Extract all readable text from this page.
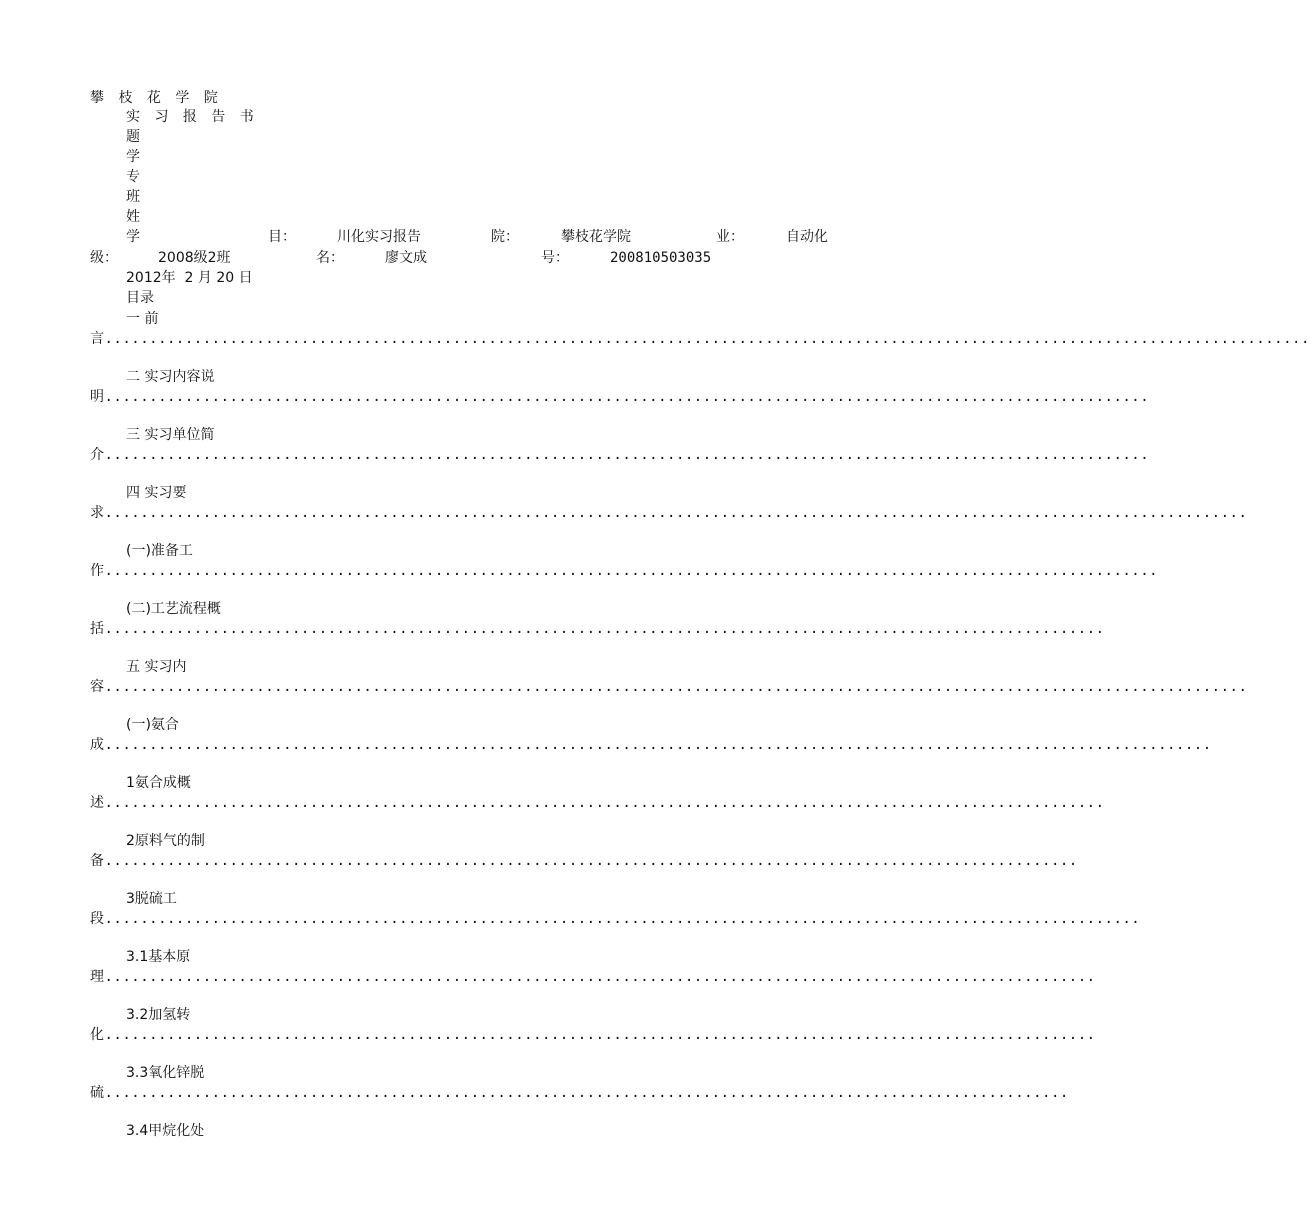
攀 枝 花 学 院
实 习 报 告 书
题
学
专
班
姓
学	目：	川化实习报告	院：	攀枝花学院	业：	自动化
级：	2008级2班	名：	廖文成	号：	200810503035
2012年  2 月 20 日
目录
一 前
言.......................................................................................................................................
二 实习内容说
明.....................................................................................................................
三 实习单位简
介.....................................................................................................................
四 实习要
求................................................................................................................................
(一)准备工
作......................................................................................................................
(二)工艺流程概
括................................................................................................................
五 实习内
容................................................................................................................................
(一)氨合
成............................................................................................................................
1氨合成概
述................................................................................................................
2原料气的制
备.............................................................................................................
3脱硫工
段....................................................................................................................
3.1基本原
理...............................................................................................................
3.2加氢转
化...............................................................................................................
3.3氧化锌脱
硫............................................................................................................
3.4甲烷化处
